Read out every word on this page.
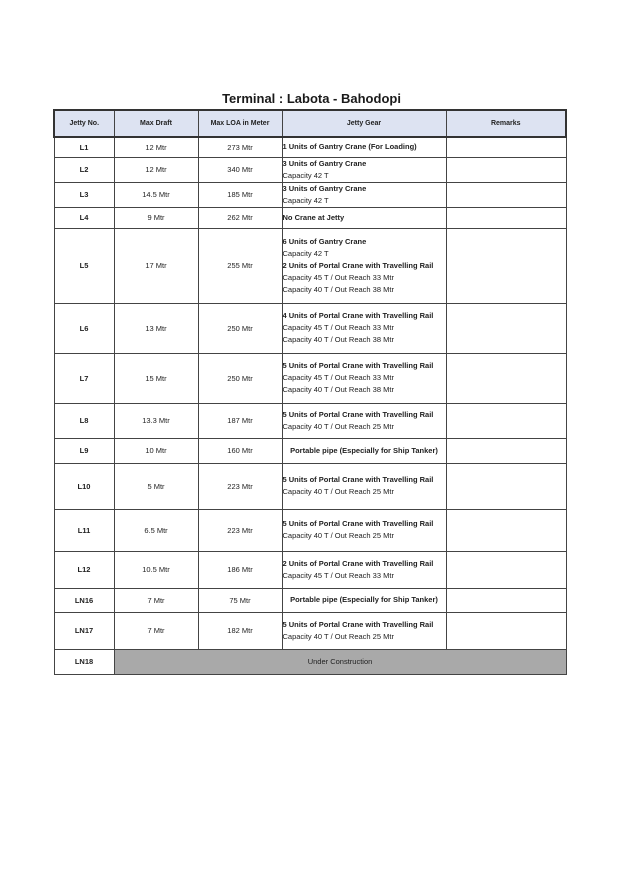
Terminal : Labota - Bahodopi
Jetty No.	Max Draft	Max LOA in Meter	Jetty Gear	Remarks
L1	12 Mtr	273 Mtr	1 Units of Gantry Crane (For Loading)	

L2	12 Mtr	340 Mtr	3 Units of Gantry Crane
Capacity 42 T	

L3	14.5 Mtr	185 Mtr	3 Units of Gantry Crane
Capacity 42 T	

L4	9 Mtr	262 Mtr	No Crane at Jetty	

L5	17 Mtr	255 Mtr	6 Units of Gantry Crane
Capacity 42 T
2 Units of Portal Crane with Travelling Rail
Capacity 45 T / Out Reach 33 Mtr
Capacity 40 T / Out Reach 38 Mtr	

L6	13 Mtr	250 Mtr	4 Units of Portal Crane with Travelling Rail
Capacity 45 T / Out Reach 33 Mtr
Capacity 40 T / Out Reach 38 Mtr	

L7	15 Mtr	250 Mtr	5 Units of Portal Crane with Travelling Rail
Capacity 45 T / Out Reach 33 Mtr
Capacity 40 T / Out Reach 38 Mtr	

L8	13.3 Mtr	187 Mtr	5 Units of Portal Crane with Travelling Rail
Capacity 40 T / Out Reach 25 Mtr	

L9	10 Mtr	160 Mtr	Portable pipe (Especially for Ship Tanker)	

L10	5 Mtr	223 Mtr	5 Units of Portal Crane with Travelling Rail
Capacity 40 T / Out Reach 25 Mtr	

L11	6.5 Mtr	223 Mtr	5 Units of Portal Crane with Travelling Rail
Capacity 40 T / Out Reach 25 Mtr	

L12	10.5 Mtr	186 Mtr	2 Units of Portal Crane with Travelling Rail
Capacity 45 T / Out Reach 33 Mtr	

LN16	7 Mtr	75 Mtr	Portable pipe (Especially for Ship Tanker)	

LN17	7 Mtr	182 Mtr	5 Units of Portal Crane with Travelling Rail
Capacity 40 T / Out Reach 25 Mtr	

LN18	Under Construction			
